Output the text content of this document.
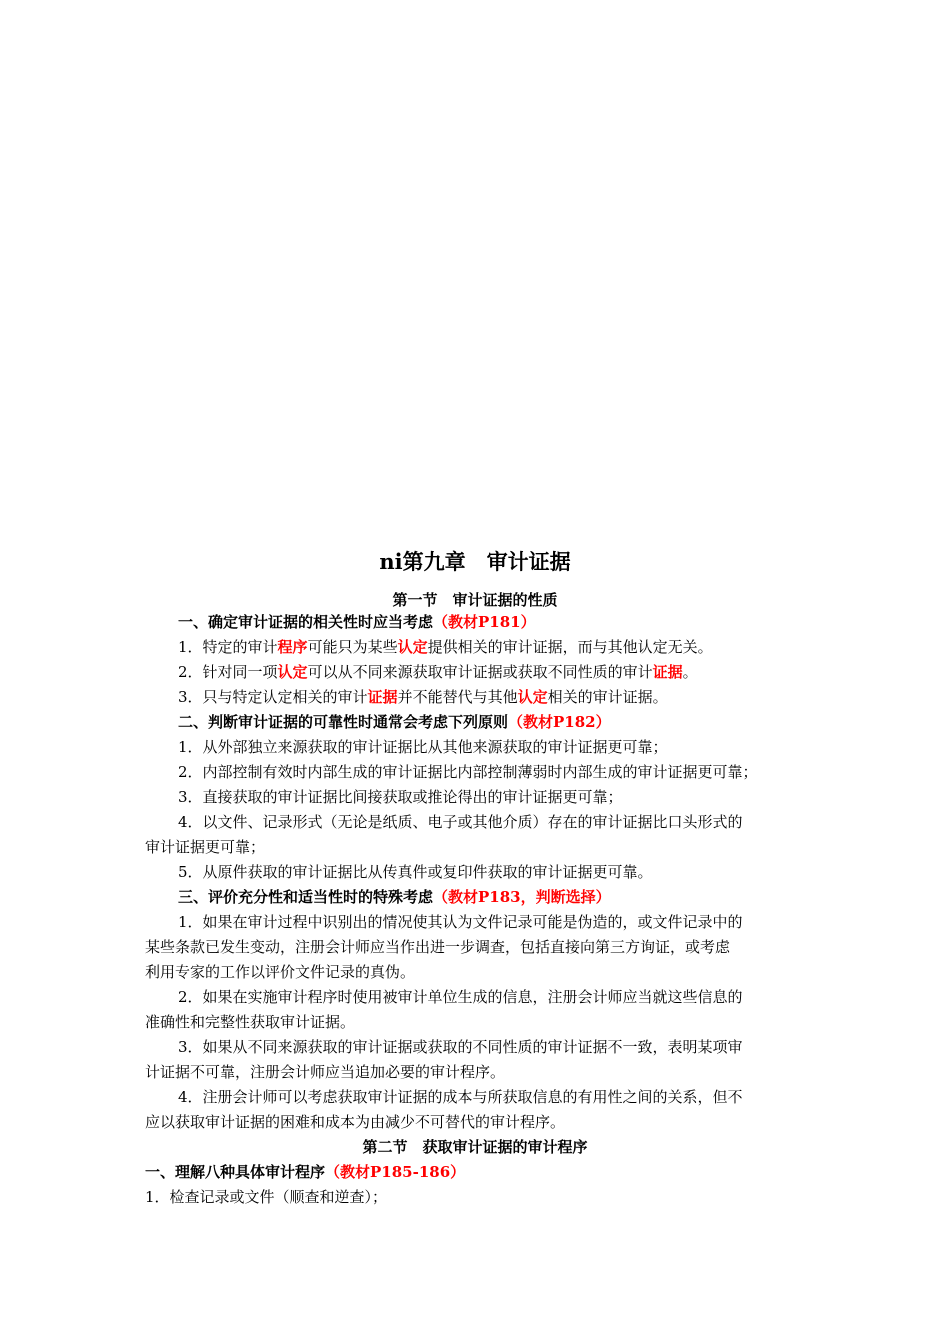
ni第九章　审计证据
第一节　审计证据的性质
一、确定审计证据的相关性时应当考虑（教材P181）
1．特定的审计程序可能只为某些认定提供相关的审计证据，而与其他认定无关。
2．针对同一项认定可以从不同来源获取审计证据或获取不同性质的审计证据。
3．只与特定认定相关的审计证据并不能替代与其他认定相关的审计证据。
二、判断审计证据的可靠性时通常会考虑下列原则（教材P182）
1．从外部独立来源获取的审计证据比从其他来源获取的审计证据更可靠；
2．内部控制有效时内部生成的审计证据比内部控制薄弱时内部生成的审计证据更可靠；
3．直接获取的审计证据比间接获取或推论得出的审计证据更可靠；
4．以文件、记录形式（无论是纸质、电子或其他介质）存在的审计证据比口头形式的
审计证据更可靠；
5．从原件获取的审计证据比从传真件或复印件获取的审计证据更可靠。
三、评价充分性和适当性时的特殊考虑（教材P183，判断选择）
1．如果在审计过程中识别出的情况使其认为文件记录可能是伪造的，或文件记录中的
某些条款已发生变动，注册会计师应当作出进一步调查，包括直接向第三方询证，或考虑
利用专家的工作以评价文件记录的真伪。
2．如果在实施审计程序时使用被审计单位生成的信息，注册会计师应当就这些信息的
准确性和完整性获取审计证据。
3．如果从不同来源获取的审计证据或获取的不同性质的审计证据不一致，表明某项审
计证据不可靠，注册会计师应当追加必要的审计程序。
4．注册会计师可以考虑获取审计证据的成本与所获取信息的有用性之间的关系，但不
应以获取审计证据的困难和成本为由减少不可替代的审计程序。
第二节　获取审计证据的审计程序
一、理解八种具体审计程序（教材P185-186）
1．检查记录或文件（顺查和逆查）；
